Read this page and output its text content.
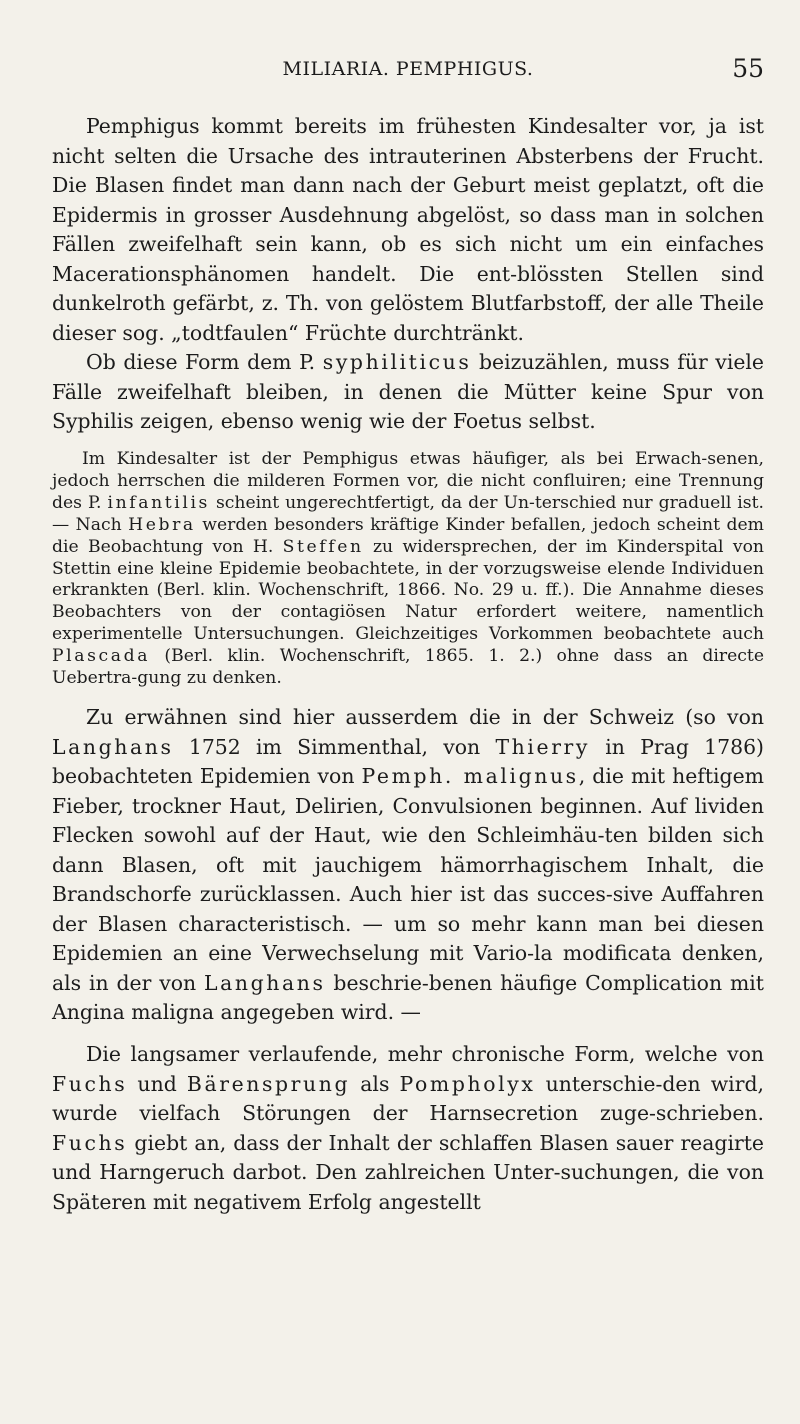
MILIARIA. PEMPHIGUS.	55

Pemphigus kommt bereits im frühesten Kindesalter vor, ja ist nicht selten die Ursache des intrauterinen Absterbens der Frucht. Die Blasen findet man dann nach der Geburt meist geplatzt, oft die Epidermis in grosser Ausdehnung abgelöst, so dass man in solchen Fällen zweifelhaft sein kann, ob es sich nicht um ein einfaches Macerationsphänomen handelt. Die ent-blössten Stellen sind dunkelroth gefärbt, z. Th. von gelöstem Blutfarbstoff, der alle Theile dieser sog. „todtfaulen“ Früchte durchtränkt.

Ob diese Form dem P. syphiliticus beizuzählen, muss für viele Fälle zweifelhaft bleiben, in denen die Mütter keine Spur von Syphilis zeigen, ebenso wenig wie der Foetus selbst.

Im Kindesalter ist der Pemphigus etwas häufiger, als bei Erwach-senen, jedoch herrschen die milderen Formen vor, die nicht confluiren; eine Trennung des P. infantilis scheint ungerechtfertigt, da der Un-terschied nur graduell ist. — Nach Hebra werden besonders kräftige Kinder befallen, jedoch scheint dem die Beobachtung von H. Steffen zu widersprechen, der im Kinderspital von Stettin eine kleine Epidemie beobachtete, in der vorzugsweise elende Individuen erkrankten (Berl. klin. Wochenschrift, 1866. No. 29 u. ff.). Die Annahme dieses Beobachters von der contagiösen Natur erfordert weitere, namentlich experimentelle Untersuchungen. Gleichzeitiges Vorkommen beobachtete auch Plascada (Berl. klin. Wochenschrift, 1865. 1. 2.) ohne dass an directe Uebertra-gung zu denken.

Zu erwähnen sind hier ausserdem die in der Schweiz (so von Langhans 1752 im Simmenthal, von Thierry in Prag 1786) beobachteten Epidemien von Pemph. malignus, die mit heftigem Fieber, trockner Haut, Delirien, Convulsionen beginnen. Auf lividen Flecken sowohl auf der Haut, wie den Schleimhäu-ten bilden sich dann Blasen, oft mit jauchigem hämorrhagischem Inhalt, die Brandschorfe zurücklassen. Auch hier ist das succes-sive Auffahren der Blasen characteristisch. — um so mehr kann man bei diesen Epidemien an eine Verwechselung mit Vario-la modificata denken, als in der von Langhans beschrie-benen häufige Complication mit Angina maligna angegeben wird. —

Die langsamer verlaufende, mehr chronische Form, welche von Fuchs und Bärensprung als Pompholyx unterschie-den wird, wurde vielfach Störungen der Harnsecretion zuge-schrieben. Fuchs giebt an, dass der Inhalt der schlaffen Blasen sauer reagirte und Harngeruch darbot. Den zahlreichen Unter-suchungen, die von Späteren mit negativem Erfolg angestellt
